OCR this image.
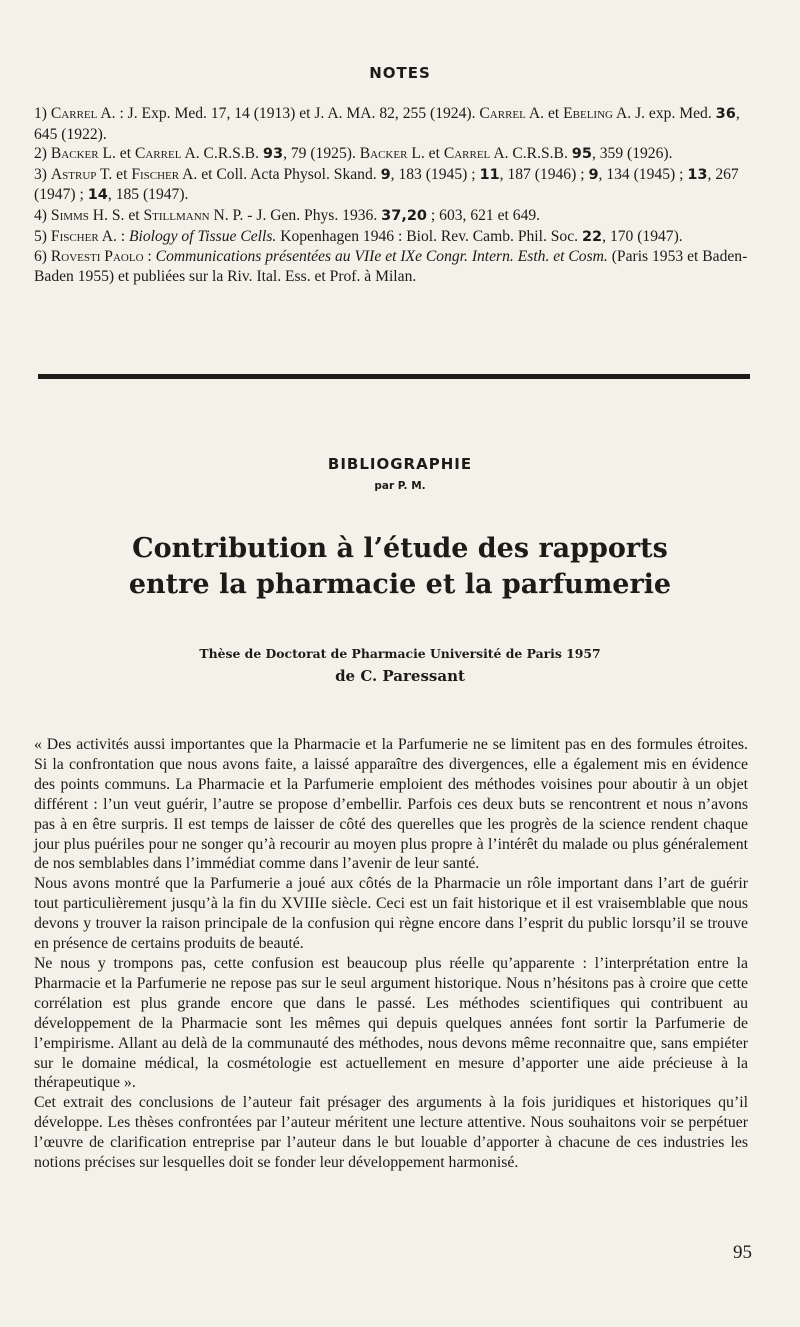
NOTES

1) Carrel A. : J. Exp. Med. 17, 14 (1913) et J. A. MA. 82, 255 (1924). Carrel A. et Ebeling A. J. exp. Med. 36, 645 (1922).

2) Backer L. et Carrel A. C.R.S.B. 93, 79 (1925). Backer L. et Carrel A. C.R.S.B. 95, 359 (1926).

3) Astrup T. et Fischer A. et Coll. Acta Physol. Skand. 9, 183 (1945) ; 11, 187 (1946) ; 9, 134 (1945) ; 13, 267 (1947) ; 14, 185 (1947).

4) Simms H. S. et Stillmann N. P. - J. Gen. Phys. 1936. 37,20 ; 603, 621 et 649.

5) Fischer A. : Biology of Tissue Cells. Kopenhagen 1946 : Biol. Rev. Camb. Phil. Soc. 22, 170 (1947).

6) Rovesti Paolo : Communications présentées au VIIe et IXe Congr. Intern. Esth. et Cosm. (Paris 1953 et Baden-Baden 1955) et publiées sur la Riv. Ital. Ess. et Prof. à Milan.

BIBLIOGRAPHIE
par P. M.
Contribution à l’étude des rapports
entre la pharmacie et la parfumerie
Thèse de Doctorat de Pharmacie Université de Paris 1957
de C. Paressant

« Des activités aussi importantes que la Pharmacie et la Parfumerie ne se limitent pas en des formules étroites. Si la confrontation que nous avons faite, a laissé apparaître des divergences, elle a également mis en évidence des points communs. La Pharmacie et la Parfumerie emploient des méthodes voisines pour aboutir à un objet différent : l’un veut guérir, l’autre se propose d’embellir. Parfois ces deux buts se rencontrent et nous n’avons pas à en être surpris. Il est temps de laisser de côté des querelles que les progrès de la science rendent chaque jour plus puériles pour ne songer qu’à recourir au moyen plus propre à l’intérêt du malade ou plus généralement de nos semblables dans l’immédiat comme dans l’avenir de leur santé.

Nous avons montré que la Parfumerie a joué aux côtés de la Pharmacie un rôle important dans l’art de guérir tout particulièrement jusqu’à la fin du XVIIIe siècle. Ceci est un fait historique et il est vraisemblable que nous devons y trouver la raison principale de la confusion qui règne encore dans l’esprit du public lorsqu’il se trouve en présence de certains produits de beauté.

Ne nous y trompons pas, cette confusion est beaucoup plus réelle qu’apparente : l’interprétation entre la Pharmacie et la Parfumerie ne repose pas sur le seul argument historique. Nous n’hésitons pas à croire que cette corrélation est plus grande encore que dans le passé. Les méthodes scientifiques qui contribuent au développement de la Pharmacie sont les mêmes qui depuis quelques années font sortir la Parfumerie de l’empirisme. Allant au delà de la communauté des méthodes, nous devons même reconnaitre que, sans empiéter sur le domaine médical, la cosmétologie est actuellement en mesure d’apporter une aide précieuse à la thérapeutique ».

Cet extrait des conclusions de l’auteur fait présager des arguments à la fois juridiques et historiques qu’il développe. Les thèses confrontées par l’auteur méritent une lecture attentive. Nous souhaitons voir se perpétuer l’œuvre de clarification entreprise par l’auteur dans le but louable d’apporter à chacune de ces industries les notions précises sur lesquelles doit se fonder leur développement harmonisé.

95
